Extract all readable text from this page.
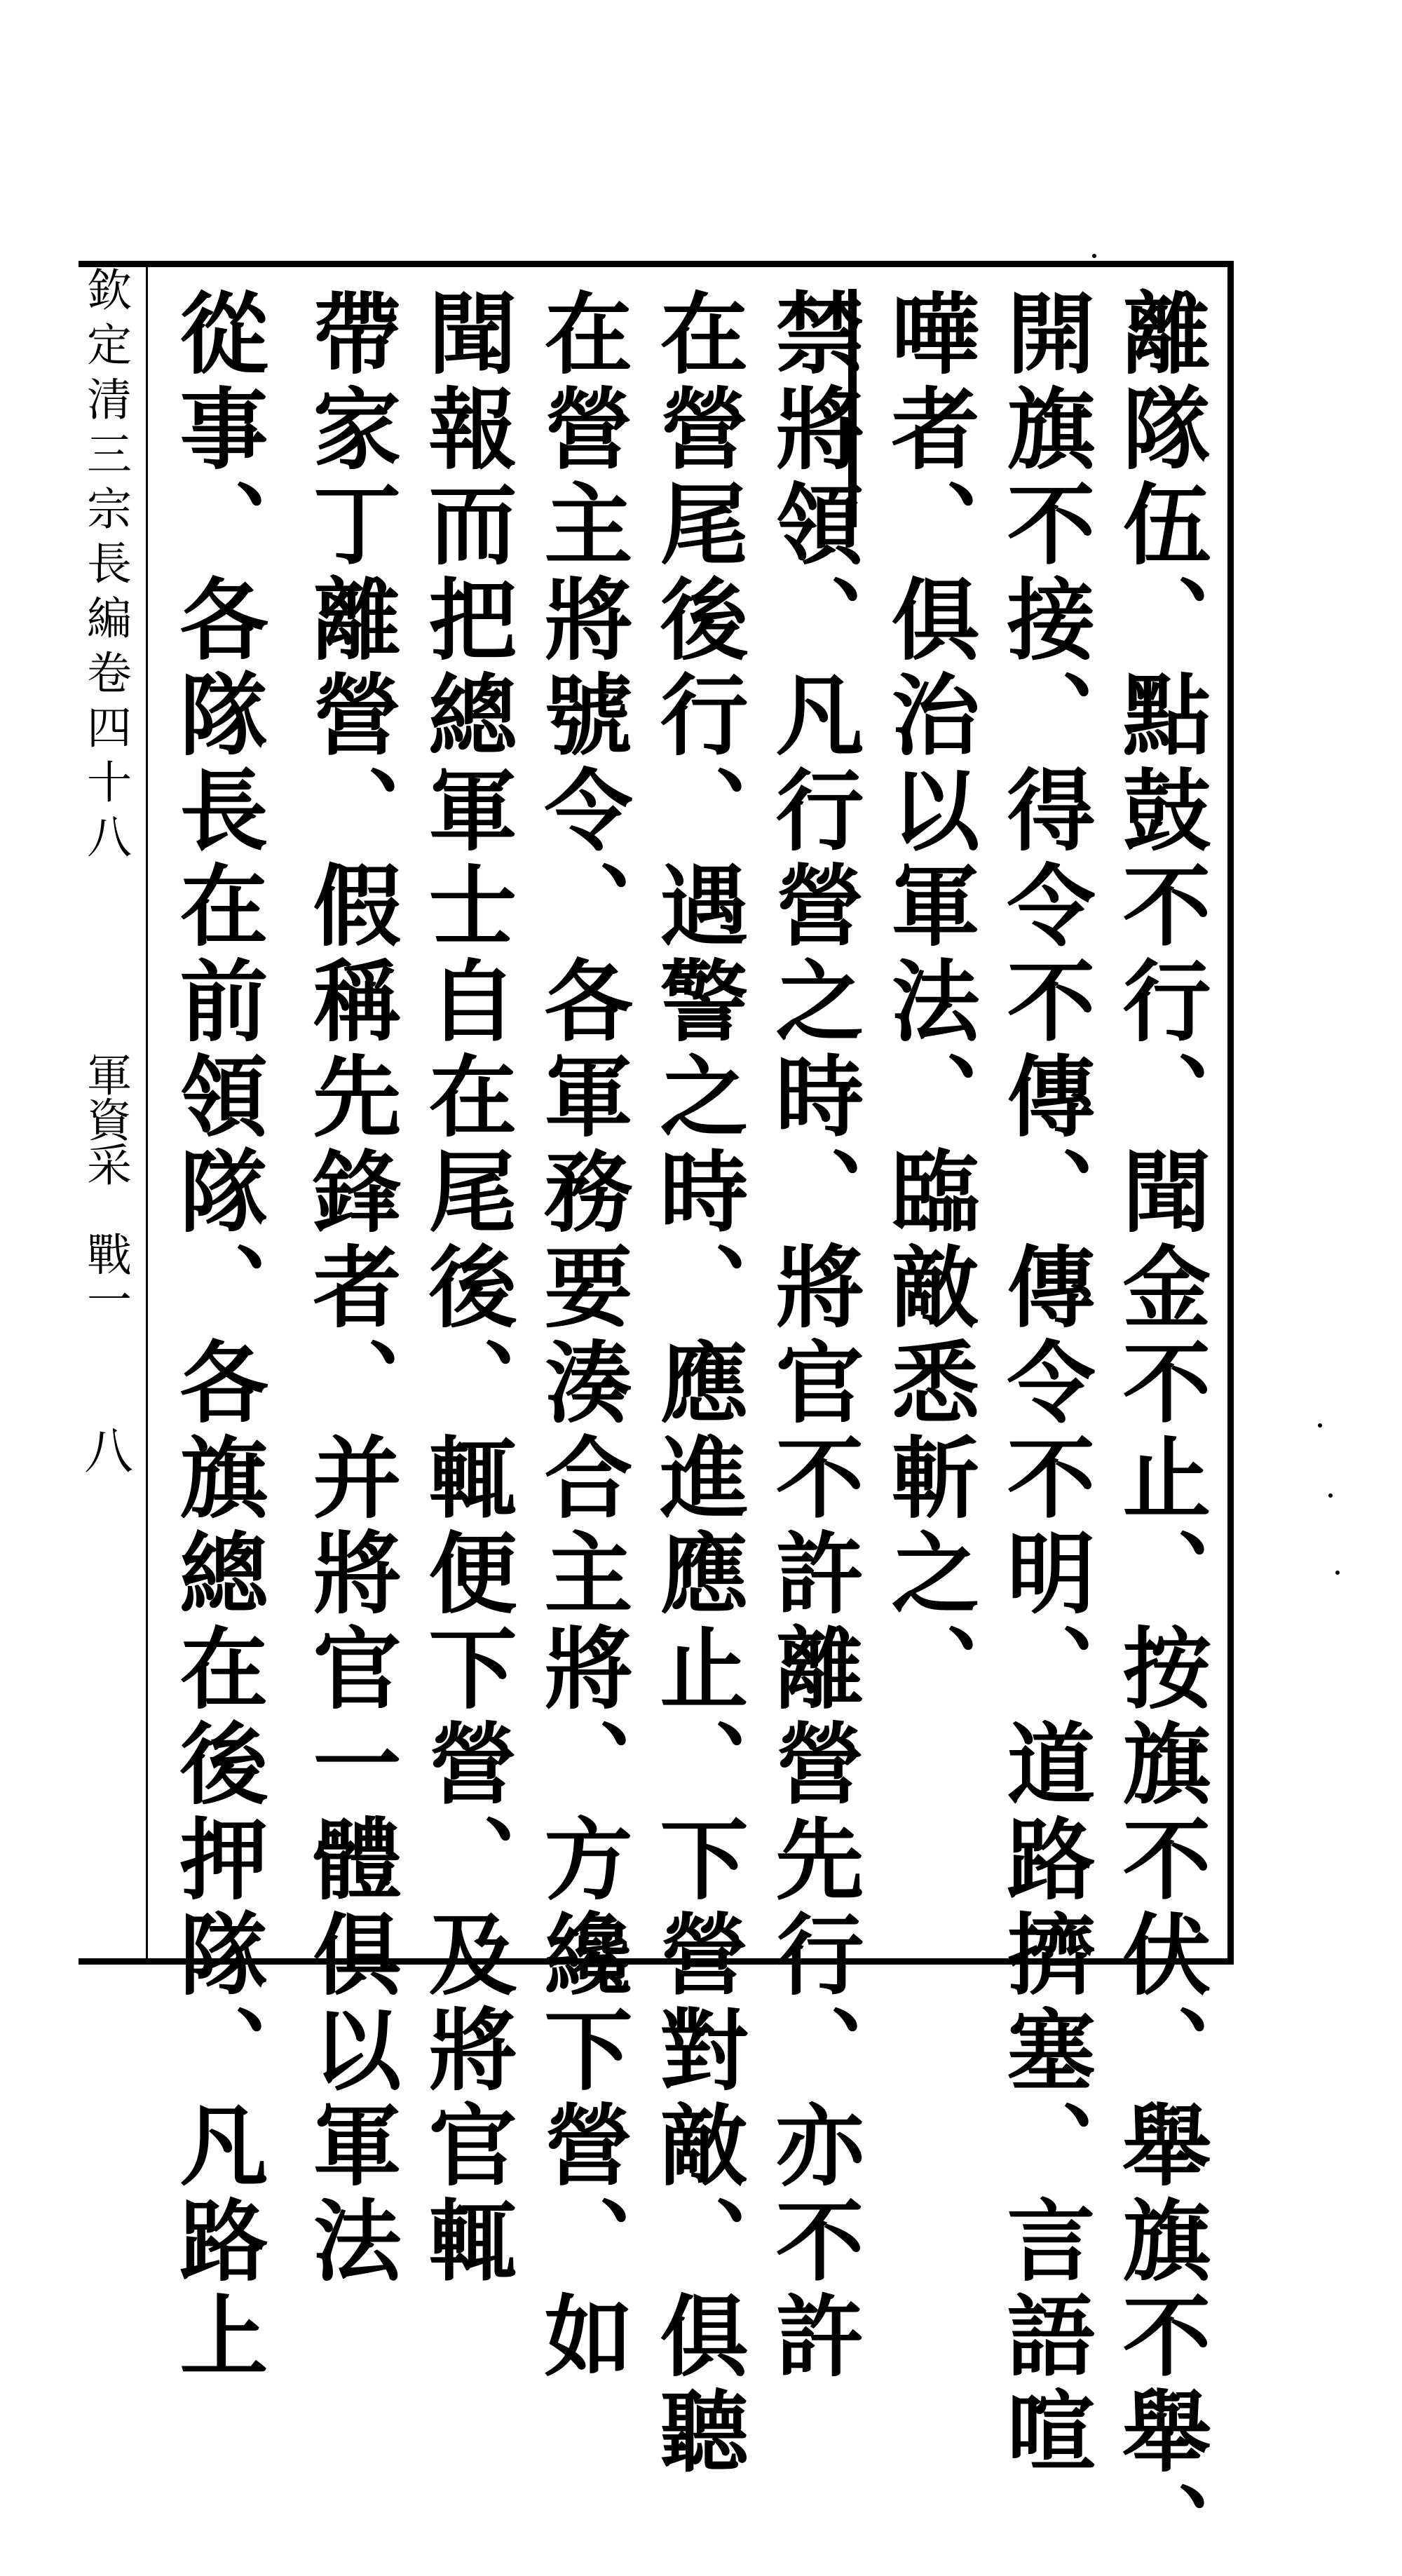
離隊伍、點鼓不行、聞金不止、按旗不伏、舉旗不舉、
開旗不接、得令不傳、傳令不明、道路擠塞、言語喧
嘩者、俱治以軍法、臨敵悉斬之、
禁將領、凡行營之時、將官不許離營先行、亦不許
在營尾後行、遇警之時、應進應止、下營對敵、俱聽
在營主將號令、各軍務要湊合主將、方纔下營、如
聞報而把總軍士自在尾後、輒便下營、及將官輒
帶家丁離營、假稱先鋒者、并將官一體俱以軍法
從事、各隊長在前領隊、各旗總在後押隊、凡路上
欽定清三宗長編卷四十八
軍資采　戰一
八
